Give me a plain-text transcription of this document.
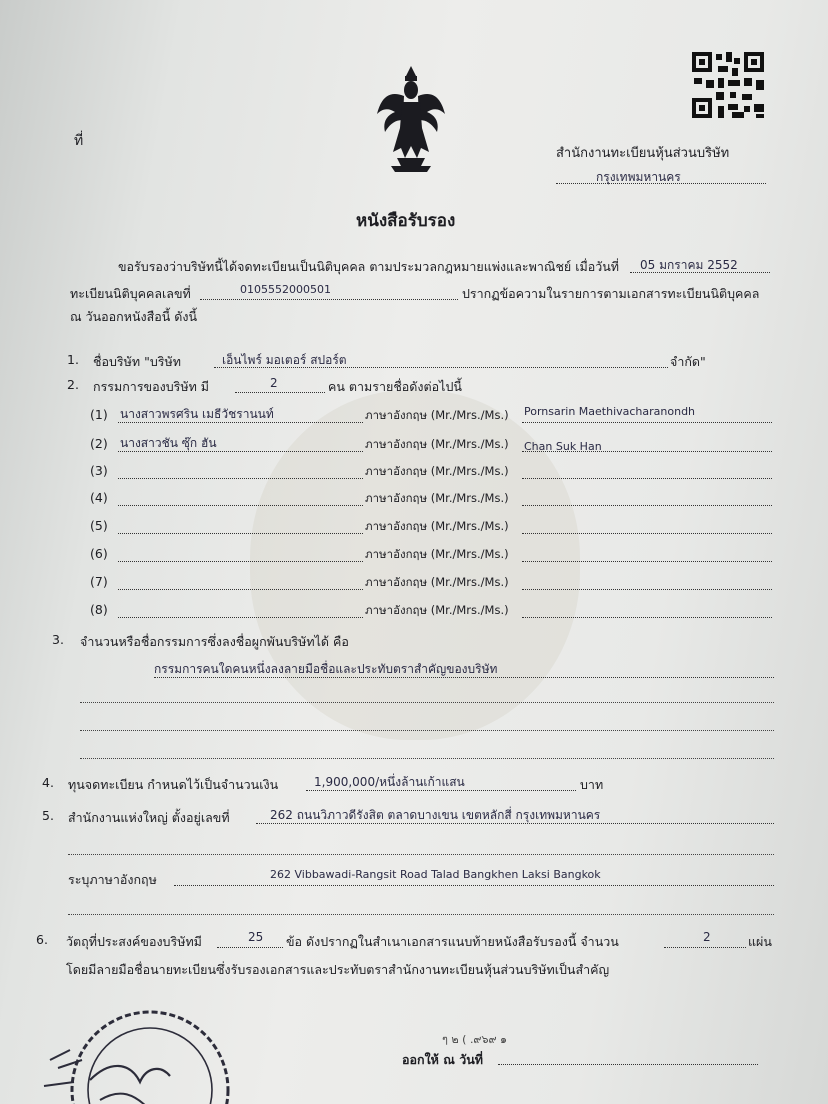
ที่
สำนักงานทะเบียนหุ้นส่วนบริษัท
กรุงเทพมหานคร
หนังสือรับรอง
ขอรับรองว่าบริษัทนี้ได้จดทะเบียนเป็นนิติบุคคล ตามประมวลกฎหมายแพ่งและพาณิชย์ เมื่อวันที่ 05 มกราคม 2552
ทะเบียนนิติบุคคลเลขที่	0105552000501	ปรากฏข้อความในรายการตามเอกสารทะเบียนนิติบุคคล
ณ วันออกหนังสือนี้ ดังนี้
1. ชื่อบริษัท "บริษัท	เอ็นไพร์ มอเตอร์ สปอร์ต	จำกัด"
2. กรรมการของบริษัท มี	2	คน ตามรายชื่อดังต่อไปนี้
(1) นางสาวพรศริน เมธีวัชรานนท์	ภาษาอังกฤษ (Mr./Mrs./Ms.) Pornsarin Maethivacharanondh
(2) นางสาวชัน ซุ๊ก ฮัน	ภาษาอังกฤษ (Mr./Mrs./Ms.) Chan Suk Han
(3)	ภาษาอังกฤษ (Mr./Mrs./Ms.)
(4)	ภาษาอังกฤษ (Mr./Mrs./Ms.)
(5)	ภาษาอังกฤษ (Mr./Mrs./Ms.)
(6)	ภาษาอังกฤษ (Mr./Mrs./Ms.)
(7)	ภาษาอังกฤษ (Mr./Mrs./Ms.)
(8)	ภาษาอังกฤษ (Mr./Mrs./Ms.)
3. จำนวนหรือชื่อกรรมการซึ่งลงชื่อผูกพันบริษัทได้ คือ
กรรมการคนใดคนหนึ่งลงลายมือชื่อและประทับตราสำคัญของบริษัท
4. ทุนจดทะเบียน กำหนดไว้เป็นจำนวนเงิน	1,900,000/หนึ่งล้านเก้าแสน	บาท
5. สำนักงานแห่งใหญ่ ตั้งอยู่เลขที่	262 ถนนวิภาวดีรังสิต ตลาดบางเขน เขตหลักสี่ กรุงเทพมหานคร
ระบุภาษาอังกฤษ	262 Vibbawadi-Rangsit Road Talad Bangkhen Laksi Bangkok
6. วัตถุที่ประสงค์ของบริษัทมี	25 ข้อ ดังปรากฏในสำเนาเอกสารแนบท้ายหนังสือรับรองนี้ จำนวน	2	แผ่น
โดยมีลายมือชื่อนายทะเบียนซึ่งรับรองเอกสารและประทับตราสำนักงานทะเบียนหุ้นส่วนบริษัทเป็นสำคัญ
ๆ ๒ ( .๙๖๙ ๑
ออกให้ ณ วันที่
